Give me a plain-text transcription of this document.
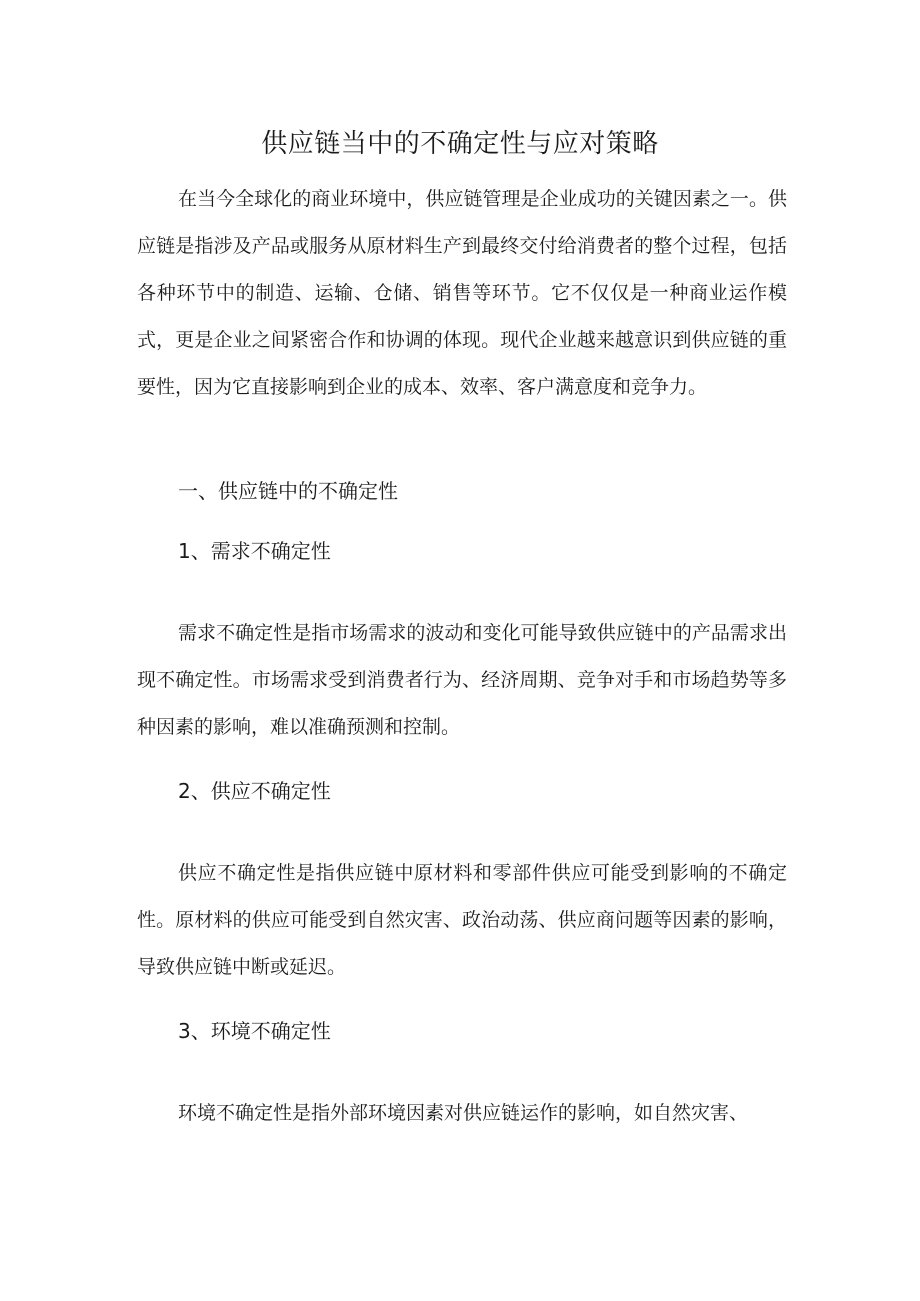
供应链当中的不确定性与应对策略

在当今全球化的商业环境中，供应链管理是企业成功的关键因素之一。供应链是指涉及产品或服务从原材料生产到最终交付给消费者的整个过程，包括各种环节中的制造、运输、仓储、销售等环节。它不仅仅是一种商业运作模式，更是企业之间紧密合作和协调的体现。现代企业越来越意识到供应链的重要性，因为它直接影响到企业的成本、效率、客户满意度和竞争力。

一、供应链中的不确定性
1、需求不确定性

需求不确定性是指市场需求的波动和变化可能导致供应链中的产品需求出现不确定性。市场需求受到消费者行为、经济周期、竞争对手和市场趋势等多种因素的影响，难以准确预测和控制。

2、供应不确定性

供应不确定性是指供应链中原材料和零部件供应可能受到影响的不确定性。原材料的供应可能受到自然灾害、政治动荡、供应商问题等因素的影响，导致供应链中断或延迟。

3、环境不确定性

环境不确定性是指外部环境因素对供应链运作的影响，如自然灾害、
